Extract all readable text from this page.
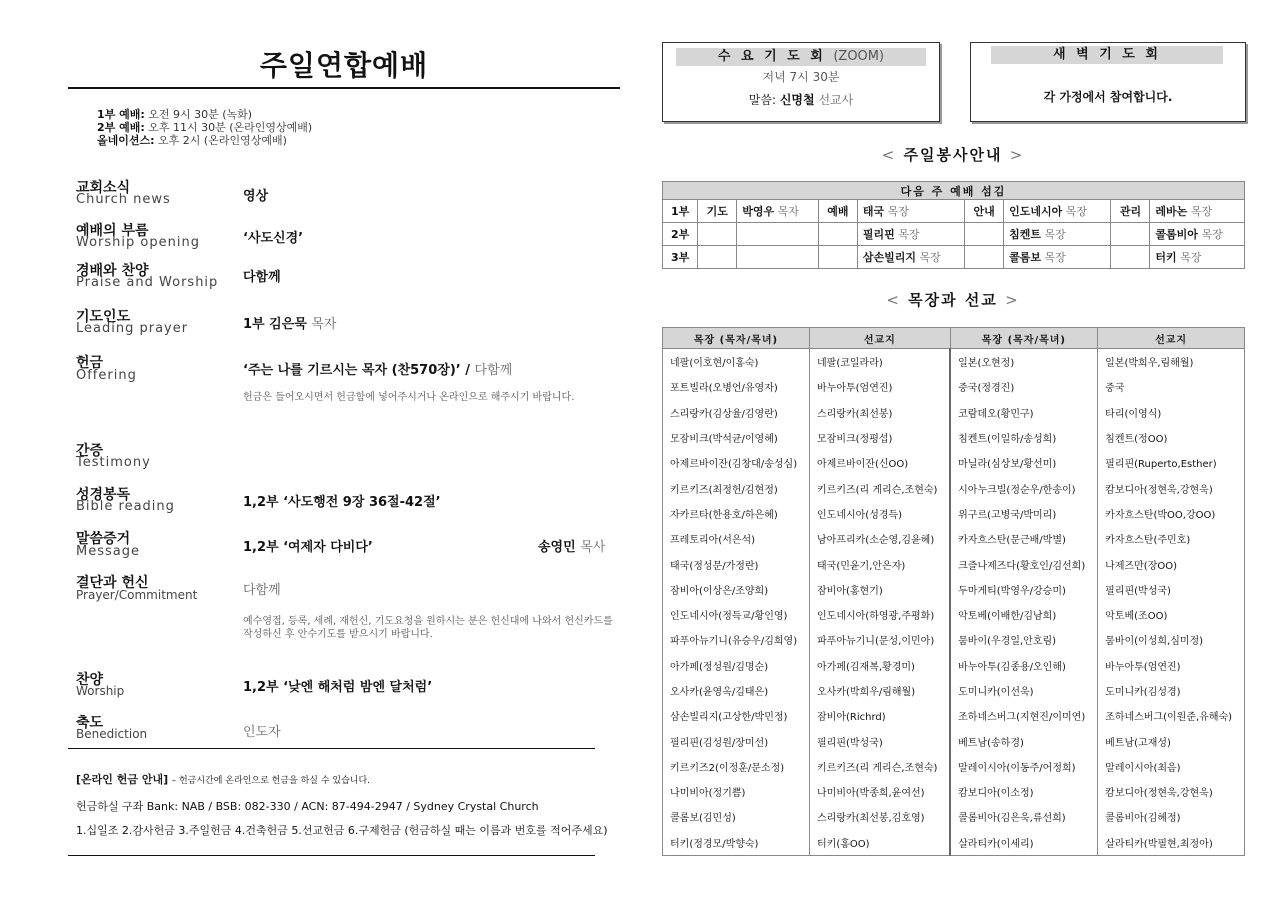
주일연합예배
1부 예배: 오전 9시 30분 (녹화)
2부 예배: 오후 11시 30분 (온라인영상예배)
올네이션스: 오후 2시 (온라인영상예배)
교회소식
Church news	영상
예배의 부름
Worship opening	‘사도신경’
경배와 찬양
Praise and Worship 다함께
기도인도
Leading prayer	1부 김은묵 목자
헌금
Offering	‘주는 나를 기르시는 목자 (찬570장)’ / 다함께
헌금은 들어오시면서 헌금함에 넣어주시거나 온라인으로 해주시기 바랍니다.
간증
Testimony
성경봉독
Bible reading	1,2부 ‘사도행전 9장 36절-42절’
말씀증거
Message	1,2부 ‘여제자 다비다’	송영민 목사
결단과 헌신
Prayer/Commitment	다함께
예수영접, 등록, 세례, 재헌신, 기도요청을 원하시는 분은 헌신대에 나와서 헌신카드를 작성하신 후 안수기도를 받으시기 바랍니다.
찬양
Worship	1,2부 ‘낮엔 해처럼 밤엔 달처럼’
축도
Benediction	인도자
[온라인 헌금 안내] – 헌금시간에 온라인으로 헌금을 하실 수 있습니다.
헌금하실 구좌 Bank: NAB / BSB: 082-330 / ACN: 87-494-2947 / Sydney Crystal Church
1.십일조 2.감사헌금 3.주일헌금 4.건축헌금 5.선교헌금 6.구제헌금 (헌금하실 때는 이름과 번호를 적어주세요)
수 요 기 도 회 (ZOOM)
저녁 7시 30분
말씀: 신명철 선교사
새 벽 기 도 회
각 가정에서 참여합니다.
< 주일봉사안내 >
다음 주 예배 섬김								
1부	기도	박영우 목자	예배	태국 목장	안내	인도네시아 목장	관리	레바논 목장
2부				필리핀 목장		침켄트 목장		콜롬비아 목장
3부				삼손빌리지 목장		콜롬보 목장		터키 목장
< 목장과 선교 >
목장 (목자/목녀)	선교지	목장 (목자/목녀)	선교지
네팔(이호현/이홍숙)	네팔(코일라라)	일본(오현정)	일본(박희우,림해월)
포트빌라(오병언/유영자)	바누아투(엄연진)	중국(정경진)	중국
스리랑카(김상율/김영란)	스리랑카(최선봉)	코람데오(황민구)	타리(이영식)
모잠비크(박석균/이영혜)	모잠비크(정평섭)	침켄트(이일하/송성희)	침켄트(정OO)
아제르바이잔(김창대/송성심)	아제르바이잔(신OO)	마닐라(심상보/황선미)	필리핀(Ruperto,Esther)
키르키즈(최정헌/김현정)	키르키즈(리 게리슨,조현숙)	시아누크빌(정순우/한송이)	캄보디아(정현욱,강현욱)
자카르타(한용호/하은혜)	인도네시아(성경득)	위구르(고병국/박미리)	카자흐스탄(박OO,강OO)
프레토리아(서은석)	남아프리카(소순영,김윤혜)	카자흐스탄(문근배/박별)	카자흐스탄(주민호)
태국(정성문/가정란)	태국(민윤기,안은자)	크즐나제즈다(황호인/김선희)	나제즈만(장OO)
잠비아(이상은/조양희)	잠비아(홍현기)	두마게티(박영우/강승미)	필리핀(박성국)
인도네시아(정득교/황인영)	인도네시아(하영광,주평화)	악토베(이배한/김남희)	악토베(조OO)
파푸아뉴기니(유승우/김희영)	파푸아뉴기니(문성,이민아)	뭄바이(우경일,안호림)	뭄바이(이성희,심미정)
아가페(정성원/김명순)	아가페(김재복,황경미)	바누아투(김종용/오인해)	바누아투(엄연진)
오사카(윤영옥/김태은)	오사카(박희우/림해월)	도미니카(이선욱)	도미니카(김성경)
삼손빌리지(고상한/박민정)	잠비아(Richrd)	조하네스버그(지현진/이미연)	조하네스버그(이원준,유해숙)
필리핀(김성원/장미선)	필리핀(박성국)	베트남(송하경)	베트남(고재성)
키르키즈2(이정훈/문소정)	키르키즈(리 게리슨,조현숙)	말레이시아(이동주/어정희)	말레이시아(최음)
나미비아(정기쁨)	나미비아(박종희,윤여선)	캄보디아(이소정)	캄보디아(정현욱,강현욱)
콜롬보(김민성)	스리랑카(최선봉,김호영)	콜롬비아(김은욱,류선희)	콜롬비아(김혜정)
터키(정경모/박향숙)	터키(홍OO)	살라티카(이세리)	살라티카(박필현,최정아)
